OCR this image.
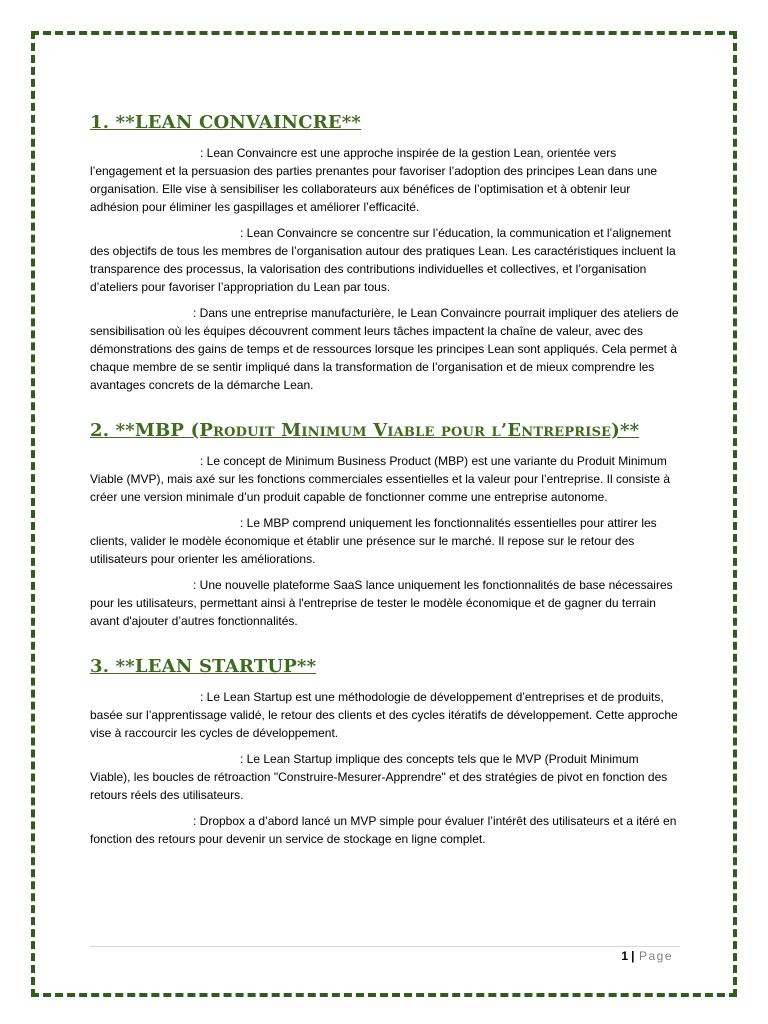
1. **LEAN CONVAINCRE**

: Lean Convaincre est une approche inspirée de la gestion Lean, orientée vers l’engagement et la persuasion des parties prenantes pour favoriser l’adoption des principes Lean dans une organisation. Elle vise à sensibiliser les collaborateurs aux bénéfices de l’optimisation et à obtenir leur adhésion pour éliminer les gaspillages et améliorer l’efficacité.

: Lean Convaincre se concentre sur l’éducation, la communication et l’alignement des objectifs de tous les membres de l’organisation autour des pratiques Lean. Les caractéristiques incluent la transparence des processus, la valorisation des contributions individuelles et collectives, et l’organisation d’ateliers pour favoriser l’appropriation du Lean par tous.

: Dans une entreprise manufacturière, le Lean Convaincre pourrait impliquer des ateliers de sensibilisation où les équipes découvrent comment leurs tâches impactent la chaîne de valeur, avec des démonstrations des gains de temps et de ressources lorsque les principes Lean sont appliqués. Cela permet à chaque membre de se sentir impliqué dans la transformation de l’organisation et de mieux comprendre les avantages concrets de la démarche Lean.

2. **MBP (Produit Minimum Viable pour l’Entreprise)**

: Le concept de Minimum Business Product (MBP) est une variante du Produit Minimum Viable (MVP), mais axé sur les fonctions commerciales essentielles et la valeur pour l’entreprise. Il consiste à créer une version minimale d’un produit capable de fonctionner comme une entreprise autonome.

: Le MBP comprend uniquement les fonctionnalités essentielles pour attirer les clients, valider le modèle économique et établir une présence sur le marché. Il repose sur le retour des utilisateurs pour orienter les améliorations.

: Une nouvelle plateforme SaaS lance uniquement les fonctionnalités de base nécessaires pour les utilisateurs, permettant ainsi à l'entreprise de tester le modèle économique et de gagner du terrain avant d'ajouter d’autres fonctionnalités.

3. **LEAN STARTUP**

: Le Lean Startup est une méthodologie de développement d’entreprises et de produits, basée sur l’apprentissage validé, le retour des clients et des cycles itératifs de développement. Cette approche vise à raccourcir les cycles de développement.

: Le Lean Startup implique des concepts tels que le MVP (Produit Minimum Viable), les boucles de rétroaction "Construire-Mesurer-Apprendre" et des stratégies de pivot en fonction des retours réels des utilisateurs.

: Dropbox a d’abord lancé un MVP simple pour évaluer l’intérêt des utilisateurs et a itéré en fonction des retours pour devenir un service de stockage en ligne complet.

1 | Page
